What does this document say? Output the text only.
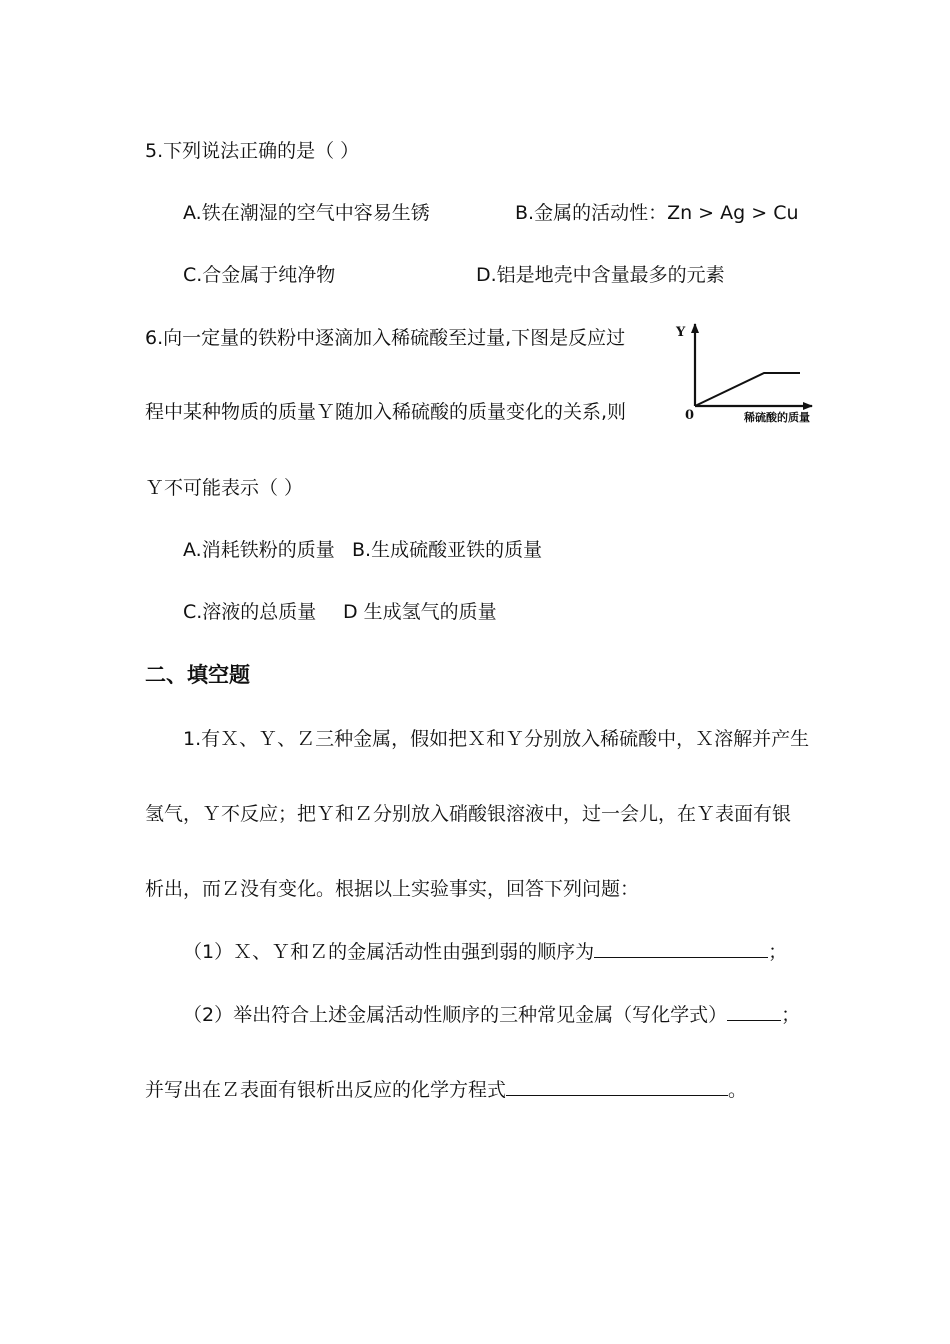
5.下列说法正确的是（ ）
A.铁在潮湿的空气中容易生锈	B.金属的活动性：Zn > Ag > Cu
C.合金属于纯净物	D.铝是地壳中含量最多的元素
6.向一定量的铁粉中逐滴加入稀硫酸至过量,下图是反应过
程中某种物质的质量Ｙ随加入稀硫酸的质量变化的关系,则
Ｙ不可能表示（ ）
A.消耗铁粉的质量 B.生成硫酸亚铁的质量
C.溶液的总质量 D 生成氢气的质量
Y
0	稀硫酸的质量
二、填空题
1.有Ｘ、Ｙ、Ｚ三种金属，假如把Ｘ和Ｙ分别放入稀硫酸中，Ｘ溶解并产生
氢气，Ｙ不反应；把Ｙ和Ｚ分别放入硝酸银溶液中，过一会儿，在Ｙ表面有银
析出，而Ｚ没有变化。根据以上实验事实，回答下列问题：
（1）Ｘ、Ｙ和Ｚ的金属活动性由强到弱的顺序为	；
（2）举出符合上述金属活动性顺序的三种常见金属（写化学式）	；
并写出在Ｚ表面有银析出反应的化学方程式	。
